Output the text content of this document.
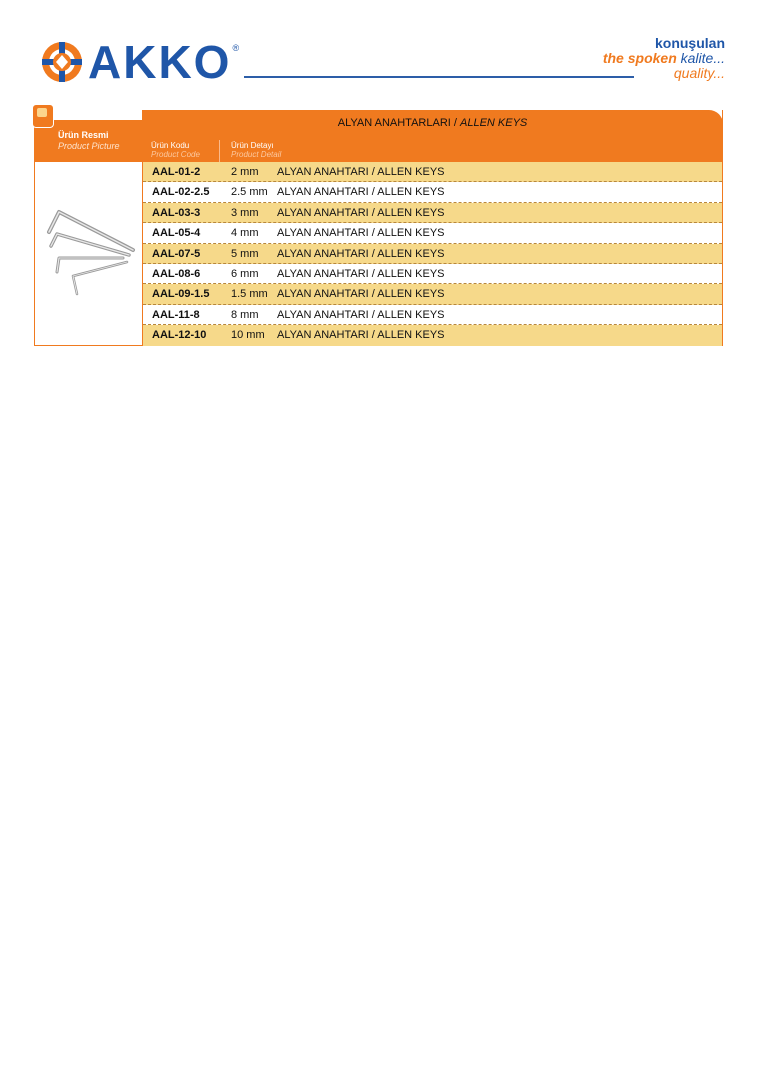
AKKO ®	konuşulan
the spoken kalite...
quality...
ALYAN ANAHTARLARI / ALLEN KEYS
Ürün Resmi
Product Picture	Ürün Kodu
Product Code
Ürün Detayı
Product Detail
AAL-01-2	2 mm ALYAN ANAHTARI / ALLEN KEYS
AAL-02-2.5 2.5 mm ALYAN ANAHTARI / ALLEN KEYS
AAL-03-3	3 mm ALYAN ANAHTARI / ALLEN KEYS
AAL-05-4	4 mm ALYAN ANAHTARI / ALLEN KEYS
AAL-07-5	5 mm ALYAN ANAHTARI / ALLEN KEYS
AAL-08-6	6 mm ALYAN ANAHTARI / ALLEN KEYS
AAL-09-1.5 1.5 mm ALYAN ANAHTARI / ALLEN KEYS
AAL-11-8	8 mm ALYAN ANAHTARI / ALLEN KEYS
AAL-12-10 10 mm ALYAN ANAHTARI / ALLEN KEYS
